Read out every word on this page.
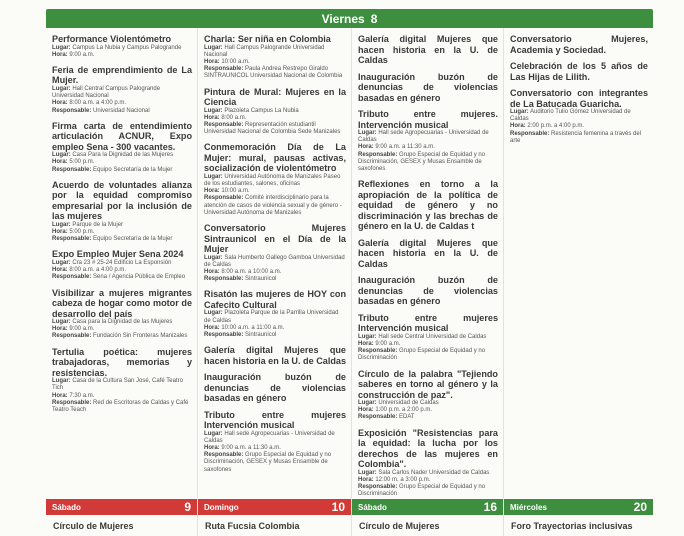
Viernes 8
Performance Violentómetro
Lugar: Campus La Nubia y Campus Palogrande
Hora: 9:00 a.m.
Feria de emprendimiento de La Mujer.
Lugar: Hall Central Campus Palogrande Universidad Nacional
Hora: 8:00 a.m. a 4:00 p.m.
Responsable: Universidad Nacional
Firma carta de entendimiento articulación ACNUR, Expo empleo Sena - 300 vacantes.
Lugar: Casa Para la Dignidad de las Mujeres
Hora: 5:00 p.m.
Responsable: Equipo Secretaría de la Mujer
Acuerdo de voluntades alianza por la equidad compromiso empresarial por la inclusión de las mujeres
Lugar: Parque de la Mujer
Hora: 5:00 p.m.
Responsable: Equipo Secretaría de la Mujer
Expo Empleo Mujer Sena 2024
Lugar: Cra 23 # 25-24 Edificio La Esponsión
Hora: 8:00 a.m. a 4:00 p.m.
Responsable: Sena / Agencia Pública de Empleo
Visibilizar a mujeres migrantes cabeza de hogar como motor de desarrollo del país
Lugar: Casa para la Dignidad de las Mujeres
Hora: 9:00 a.m.
Responsable: Fundación Sin Fronteras Manizales
Tertulia poética: mujeres trabajadoras, memorias y resistencias.
Lugar: Casa de la Cultura San José, Café Teatro Tich
Hora: 7:30 a.m.
Responsable: Red de Escritoras de Caldas y Café Teatro Teach
Charla: Ser niña en Colombia
Lugar: Hall Campus Palogrande Universidad Nacional
Hora: 10:00 a.m.
Responsable: Paula Andrea Restrepo Giraldo SINTRAUNICOL Universidad Nacional de Colombia
Pintura de Mural: Mujeres en la Ciencia
Lugar: Plazoleta Campus La Nubia
Hora: 8:00 a.m.
Responsable: Representación estudiantil Universidad Nacional de Colombia Sede Manizales
Conmemoración Día de La Mujer: mural, pausas activas, socialización de violentómetro
Lugar: Universidad Autónoma de Manizales Paseo de los estudiantes, salones, oficinas
Hora: 10:00 a.m.
Responsable: Comité interdisciplinario para la atención de casos de violencia sexual y de género - Universidad Autónoma de Manizales
Conversatorio Mujeres Sintraunicol en el Día de la Mujer
Lugar: Sala Humberto Gallego Gamboa Universidad de Caldas
Hora: 8:00 a.m. a 10:00 a.m.
Responsable: Sintraunicol
Risatón las mujeres de HOY con Cafecito Cultural
Lugar: Plazoleta Parque de la Parrilla Universidad de Caldas
Hora: 10:00 a.m. a 11:00 a.m.
Responsable: Sintraunicol
Galería digital Mujeres que hacen historia en la U. de Caldas
Inauguración buzón de denuncias de violencias basadas en género
Tributo entre mujeres Intervención musical
Lugar: Hall sede Agropecuarias - Universidad de Caldas
Hora: 9:00 a.m. a 11:30 a.m.
Responsable: Grupo Especial de Equidad y no Discriminación, GESEX y Musas Ensamble de saxofones
Galería digital Mujeres que hacen historia en la U. de Caldas
Inauguración buzón de denuncias de violencias basadas en género
Tributo entre mujeres. Intervención musical
Lugar: Hall sede Agropecuarias - Universidad de Caldas
Hora: 9:00 a.m. a 11:30 a.m.
Responsable: Grupo Especial de Equidad y no Discriminación, GESEX y Musas Ensamble de saxofones
Reflexiones en torno a la apropiación de la política de equidad de género y no discriminación y las brechas de género en la U. de Caldas t
Galería digital Mujeres que hacen historia en la U. de Caldas
Inauguración buzón de denuncias de violencias basadas en género
Tributo entre mujeres Intervención musical
Lugar: Hall sede Central Universidad de Caldas
Hora: 9:00 a.m.
Responsable: Grupo Especial de Equidad y no Discriminación
Círculo de la palabra "Tejiendo saberes en torno al género y la construcción de paz".
Lugar: Universidad de Caldas
Hora: 1:00 p.m. a 2:00 p.m.
Responsable: EDAT
Exposición "Resistencias para la equidad: la lucha por los derechos de las mujeres en Colombia".
Lugar: Sala Carlos Nader Universidad de Caldas
Hora: 12:00 m. a 3:00 p.m.
Responsable: Grupo Especial de Equidad y no Discriminación
Conversatorio Mujeres, Academia y Sociedad.
Celebración de los 5 años de Las Hijas de Lilith.
Conversatorio con integrantes de La Batucada Guaricha.
Lugar: Auditorio Tulio Gómez Universidad de Caldas
Hora: 2:00 p.m. a 4:00 p.m.
Responsable: Resistencia femenina a través del arte
Sábado	9
Círculo de Mujeres
Domingo	10
Ruta Fucsia Colombia
Sábado	16
Círculo de Mujeres
Miércoles	20
Foro Trayectorias inclusivas
